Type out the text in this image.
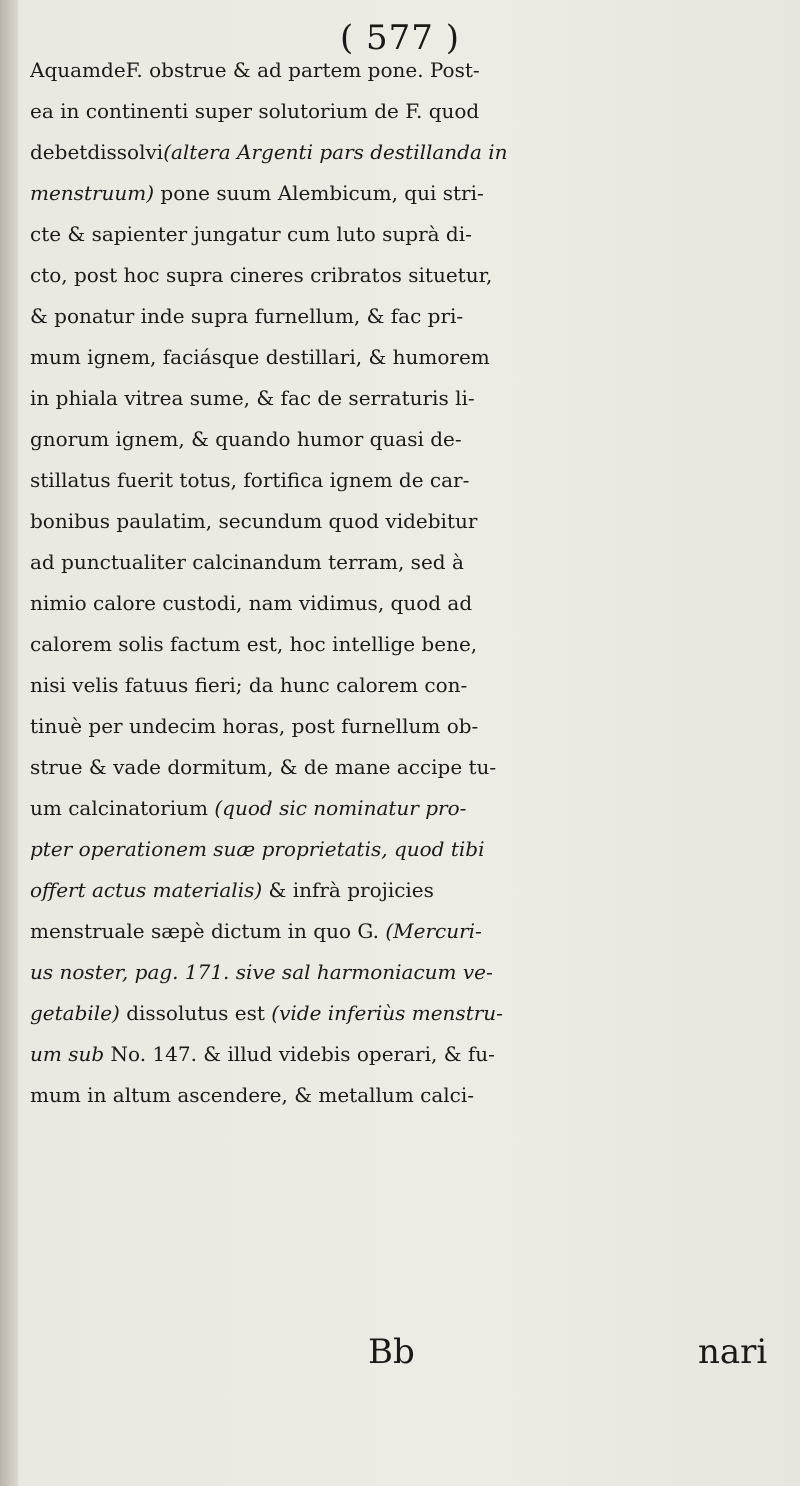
( 577 )
AquamdeF. obstrue & ad partem pone. Post-
ea in continenti super solutorium de F. quod
debetdissolvi(altera Argenti pars destillanda in
menstruum) pone suum Alembicum, qui stri-
cte & sapienter jungatur cum luto suprà di-
cto, post hoc supra cineres cribratos situetur,
& ponatur inde supra furnellum, & fac pri-
mum ignem, faciásque destillari, & humorem
in phiala vitrea sume, & fac de serraturis li-
gnorum ignem, & quando humor quasi de-
stillatus fuerit totus, fortifica ignem de car-
bonibus paulatim, secundum quod videbitur
ad punctualiter calcinandum terram, sed à
nimio calore custodi, nam vidimus, quod ad
calorem solis factum est, hoc intellige bene,
nisi velis fatuus fieri; da hunc calorem con-
tinuè per undecim horas, post furnellum ob-
strue & vade dormitum, & de mane accipe tu-
um calcinatorium (quod sic nominatur pro-
pter operationem suæ proprietatis, quod tibi
offert actus materialis) & infrà projicies
menstruale sæpè dictum in quo G. (Mercuri-
us noster, pag. 171. sive sal harmoniacum ve-
getabile) dissolutus est (vide inferiùs menstru-
um sub No. 147. & illud videbis operari, & fu-
mum in altum ascendere, & metallum calci-
Bb	nari
